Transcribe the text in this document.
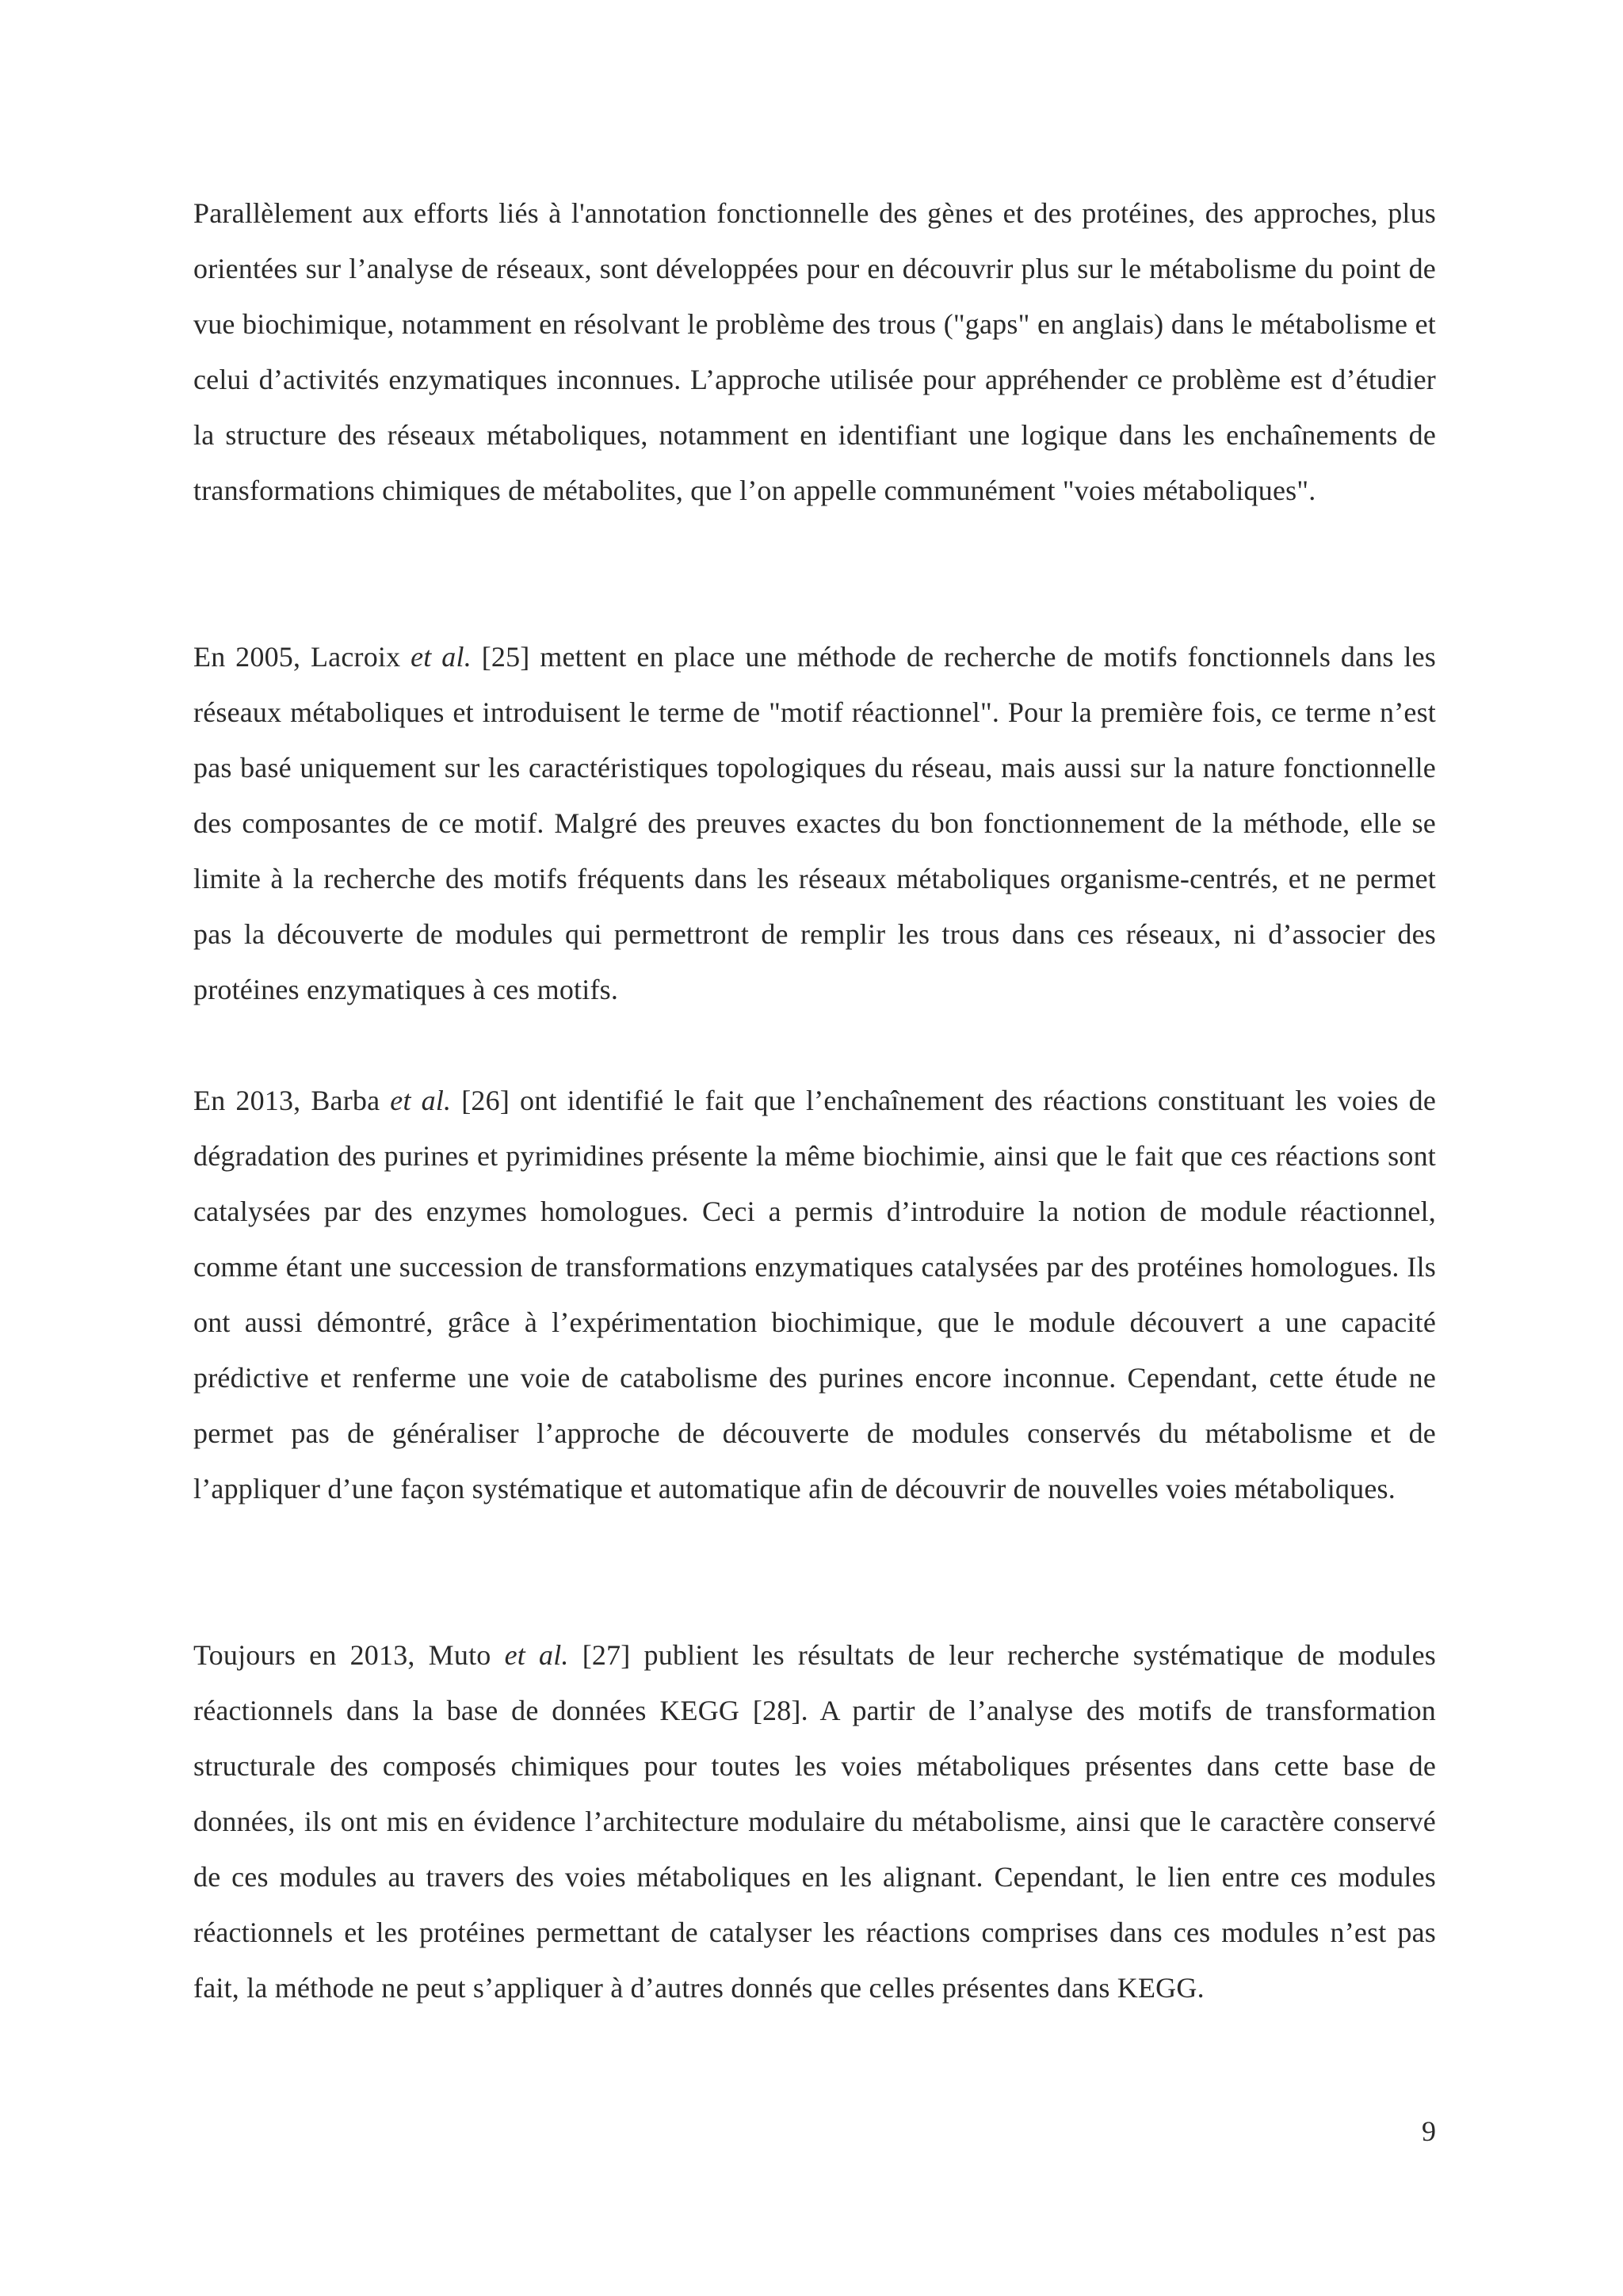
Parallèlement aux efforts liés à l'annotation fonctionnelle des gènes et des protéines, des approches, plus orientées sur l’analyse de réseaux, sont développées pour en découvrir plus sur le métabolisme du point de vue biochimique, notamment en résolvant le problème des trous ("gaps" en anglais) dans le métabolisme et celui d’activités enzymatiques inconnues. L’approche utilisée pour appréhender ce problème est d’étudier la structure des réseaux métaboliques, notamment en identifiant une logique dans les enchaînements de transformations chimiques de métabolites, que l’on appelle communément "voies métaboliques".

En 2005, Lacroix et al. [25] mettent en place une méthode de recherche de motifs fonctionnels dans les réseaux métaboliques et introduisent le terme de "motif réactionnel". Pour la première fois, ce terme n’est pas basé uniquement sur les caractéristiques topologiques du réseau, mais aussi sur la nature fonctionnelle des composantes de ce motif. Malgré des preuves exactes du bon fonctionnement de la méthode, elle se limite à la recherche des motifs fréquents dans les réseaux métaboliques organisme-centrés, et ne permet pas la découverte de modules qui permettront de remplir les trous dans ces réseaux, ni d’associer des protéines enzymatiques à ces motifs.

En 2013, Barba et al. [26] ont identifié le fait que l’enchaînement des réactions constituant les voies de dégradation des purines et pyrimidines présente la même biochimie, ainsi que le fait que ces réactions sont catalysées par des enzymes homologues. Ceci a permis d’introduire la notion de module réactionnel, comme étant une succession de transformations enzymatiques catalysées par des protéines homologues. Ils ont aussi démontré, grâce à l’expérimentation biochimique, que le module découvert a une capacité prédictive et renferme une voie de catabolisme des purines encore inconnue. Cependant, cette étude ne permet pas de généraliser l’approche de découverte de modules conservés du métabolisme et de l’appliquer d’une façon systématique et automatique afin de découvrir de nouvelles voies métaboliques.

Toujours en 2013, Muto et al. [27] publient les résultats de leur recherche systématique de modules réactionnels dans la base de données KEGG [28]. A partir de l’analyse des motifs de transformation structurale des composés chimiques pour toutes les voies métaboliques présentes dans cette base de données, ils ont mis en évidence l’architecture modulaire du métabolisme, ainsi que le caractère conservé de ces modules au travers des voies métaboliques en les alignant. Cependant, le lien entre ces modules réactionnels et les protéines permettant de catalyser les réactions comprises dans ces modules n’est pas fait, la méthode ne peut s’appliquer à d’autres donnés que celles présentes dans KEGG.

9
